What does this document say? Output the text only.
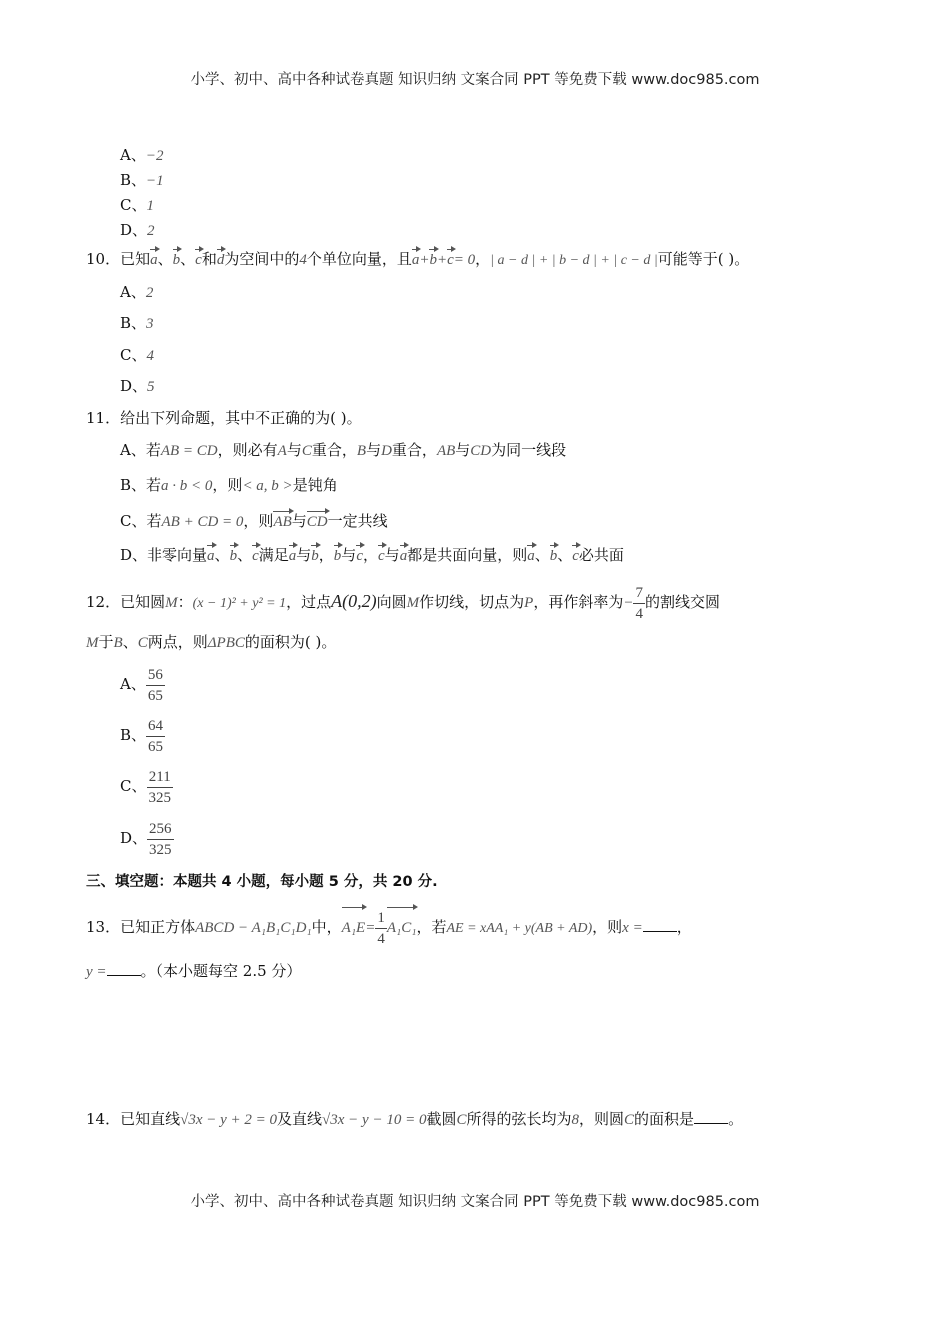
小学、初中、高中各种试卷真题 知识归纳 文案合同 PPT 等免费下载 www.doc985.com
A、−2
B、−1
C、1
D、2
10．已知a、b、c和d为空间中的4个单位向量，且a+b+c= 0，| a − d | + | b − d | + | c − d |可能等于( )。
A、2
B、3
C、4
D、5
11．给出下列命题，其中不正确的为( )。
A、若AB = CD，则必有A与C重合，B与D重合，AB与CD为同一线段
B、若a · b < 0，则< a, b >是钝角
C、若AB + CD = 0，则AB与CD一定共线
D、非零向量a、b、c满足a与b，b与c，c与a都是共面向量，则a、b、c必共面
12．已知圆M：(x − 1)² + y² = 1，过点A(0,2)向圆M作切线，切点为P，再作斜率为− $\frac{7}{4}$ 的割线交圆
M于B、C两点，则ΔPBC的面积为( )。
A、 $\frac{56}{65}$
B、 $\frac{64}{65}$
C、 $\frac{211}{325}$
D、 $\frac{256}{325}$
三、填空题：本题共 4 小题，每小题 5 分，共 20 分.
13．已知正方体ABCD − A₁B₁C₁D₁中，$A_1E= \frac{1}{4} A_1C_1$，若AE = xAA₁ + y(AB + AD)，则x = ，
y = 。（本小题每空 2.5 分）
14．已知直线√3x − y + 2 = 0及直线√3x − y − 10 = 0截圆C所得的弦长均为8，则圆C的面积是 。
小学、初中、高中各种试卷真题 知识归纳 文案合同 PPT 等免费下载 www.doc985.com
